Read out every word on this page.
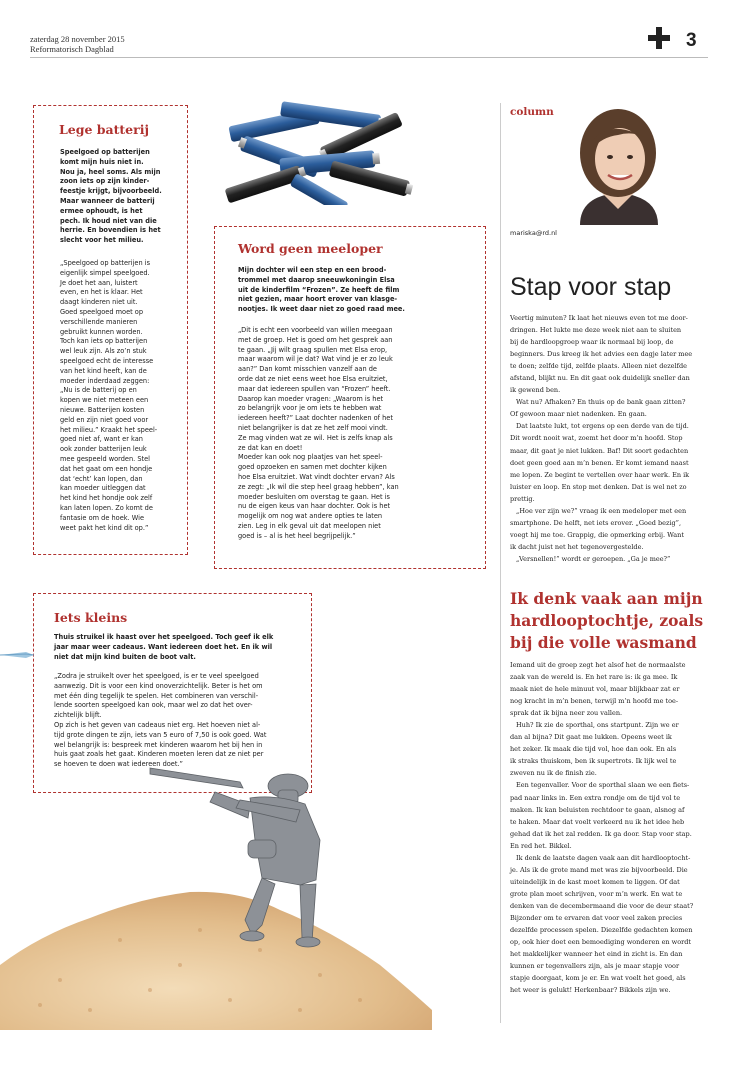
zaterdag 28 november 2015
Reformatorisch Dagblad	3
Lege batterij

Speelgoed op batterijen

komt mijn huis niet in.

Nou ja, heel soms. Als mijn

zoon iets op zijn kinder-

feestje krijgt, bijvoorbeeld.

Maar wanneer de batterij

ermee ophoudt, is het

pech. Ik houd niet van die

herrie. En bovendien is het

slecht voor het milieu.

„Speelgoed op batterijen is

eigenlijk simpel speelgoed.

Je doet het aan, luistert

even, en het is klaar. Het

daagt kinderen niet uit.

Goed speelgoed moet op

verschillende manieren

gebruikt kunnen worden.

Toch kan iets op batterijen

wel leuk zijn. Als zo’n stuk

speelgoed echt de interesse

van het kind heeft, kan de

moeder inderdaad zeggen:

„Nu is de batterij op en

kopen we niet meteen een

nieuwe. Batterijen kosten

geld en zijn niet goed voor

het milieu.” Kraakt het speel-

goed niet af, want er kan

ook zonder batterijen leuk

mee gespeeld worden. Stel

dat het gaat om een hondje

dat ‘echt’ kan lopen, dan

kan moeder uitleggen dat

het kind het hondje ook zelf

kan laten lopen. Zo komt de

fantasie om de hoek. Wie

weet pakt het kind dit op.”

Word geen meeloper

Mijn dochter wil een step en een brood-

trommel met daarop sneeuwkoningin Elsa

uit de kinderfilm “Frozen”. Ze heeft de film

niet gezien, maar hoort erover van klasge-

nootjes. Ik weet daar niet zo goed raad mee.

„Dit is echt een voorbeeld van willen meegaan

met de groep. Het is goed om het gesprek aan

te gaan. „Jij wilt graag spullen met Elsa erop,

maar waarom wil je dat? Wat vind je er zo leuk

aan?” Dan komt misschien vanzelf aan de

orde dat ze niet eens weet hoe Elsa eruitziet,

maar dat iedereen spullen van “Frozen” heeft.

Daarop kan moeder vragen: „Waarom is het

zo belangrijk voor je om iets te hebben wat

iedereen heeft?” Laat dochter nadenken of het

niet belangrijker is dat ze het zelf mooi vindt.

Ze mag vinden wat ze wil. Het is zelfs knap als

ze dat kan en doet!

Moeder kan ook nog plaatjes van het speel-

goed opzoeken en samen met dochter kijken

hoe Elsa eruitziet. Wat vindt dochter ervan? Als

ze zegt: „Ik wil die step heel graag hebben”, kan

moeder besluiten om overstag te gaan. Het is

nu de eigen keus van haar dochter. Ook is het

mogelijk om nog wat andere opties te laten

zien. Leg in elk geval uit dat meelopen niet

goed is – al is het heel begrijpelijk.”

Iets kleins

Thuis struikel ik haast over het speelgoed. Toch geef ik elk

jaar maar weer cadeaus. Want iedereen doet het. En ik wil

niet dat mijn kind buiten de boot valt.

„Zodra je struikelt over het speelgoed, is er te veel speelgoed

aanwezig. Dit is voor een kind onoverzichtelijk. Beter is het om

met één ding tegelijk te spelen. Het combineren van verschil-

lende soorten speelgoed kan ook, maar wel zo dat het over-

zichtelijk blijft.

Op zich is het geven van cadeaus niet erg. Het hoeven niet al-

tijd grote dingen te zijn, iets van 5 euro of 7,50 is ook goed. Wat

wel belangrijk is: bespreek met kinderen waarom het bij hen in

huis gaat zoals het gaat. Kinderen moeten leren dat ze niet per

se hoeven te doen wat iedereen doet.”

column
mariska@rd.nl
Stap voor stap

Veertig minuten? Ik laat het nieuws even tot me door-
dringen. Het lukte me deze week niet aan te sluiten
bij de hardloopgroep waar ik normaal bij loop, de
beginners. Dus kreeg ik het advies een dagje later mee
te doen; zelfde tijd, zelfde plaats. Alleen niet dezelfde
afstand, blijkt nu. En dit gaat ook duidelijk sneller dan
ik gewend ben.

Wat nu? Afhaken? En thuis op de bank gaan zitten?
Of gewoon maar niet nadenken. En gaan.

Dat laatste lukt, tot ergens op een derde van de tijd.
Dit wordt nooit wat, zoemt het door m’n hoofd. Stop
maar, dit gaat je niet lukken. Baf! Dit soort gedachten
doet geen goed aan m’n benen. Er komt iemand naast
me lopen. Ze begint te vertellen over haar werk. En ik
luister en loop. En stop met denken. Dat is wel net zo
prettig.

„Hoe ver zijn we?” vraag ik een medeloper met een
smartphone. De helft, net iets erover. „Goed bezig”,
voegt hij me toe. Grappig, die opmerking erbij. Want
ik dacht juist net het tegenovergestelde.

„Versnellen!” wordt er geroepen. „Ga je mee?”

Ik denk vaak aan mijn hardlooptochtje, zoals bij die volle wasmand

Iemand uit de groep zegt het alsof het de normaalste
zaak van de wereld is. En het rare is: ik ga mee. Ik
maak niet de hele minuut vol, maar blijkbaar zat er
nog kracht in m’n benen, terwijl m’n hoofd me toe-
sprak dat ik bijna neer zou vallen.

Huh? Ik zie de sporthal, ons startpunt. Zijn we er
dan al bijna? Dit gaat me lukken. Opeens weet ik
het zeker. Ik maak die tijd vol, hoe dan ook. En als
ik straks thuiskom, ben ik supertrots. Ik lijk wel te
zweven nu ik de finish zie.

Een tegenvaller. Voor de sporthal slaan we een fiets-
pad naar links in. Een extra rondje om de tijd vol te
maken. Ik kan beluisten rechtdoor te gaan, alsnog af
te haken. Maar dat voelt verkeerd nu ik het idee heb
gehad dat ik het zal redden. Ik ga door. Stap voor stap.
En red het. Bikkel.

Ik denk de laatste dagen vaak aan dit hardlooptocht-
je. Als ik de grote mand met was zie bijvoorbeeld. Die
uiteindelijk in de kast moet komen te liggen. Of dat
grote plan moet schrijven, voor m’n werk. En wat te
denken van de decembermaand die voor de deur staat?
Bijzonder om te ervaren dat voor veel zaken precies
dezelfde processen spelen. Diezelfde gedachten komen
op, ook hier doet een bemoediging wonderen en wordt
het makkelijker wanneer het eind in zicht is. En dan
kunnen er tegenvallers zijn, als je maar stapje voor
stapje doorgaat, kom je er. En wat voelt het goed, als
het weer is gelukt! Herkenbaar? Bikkels zijn we.
